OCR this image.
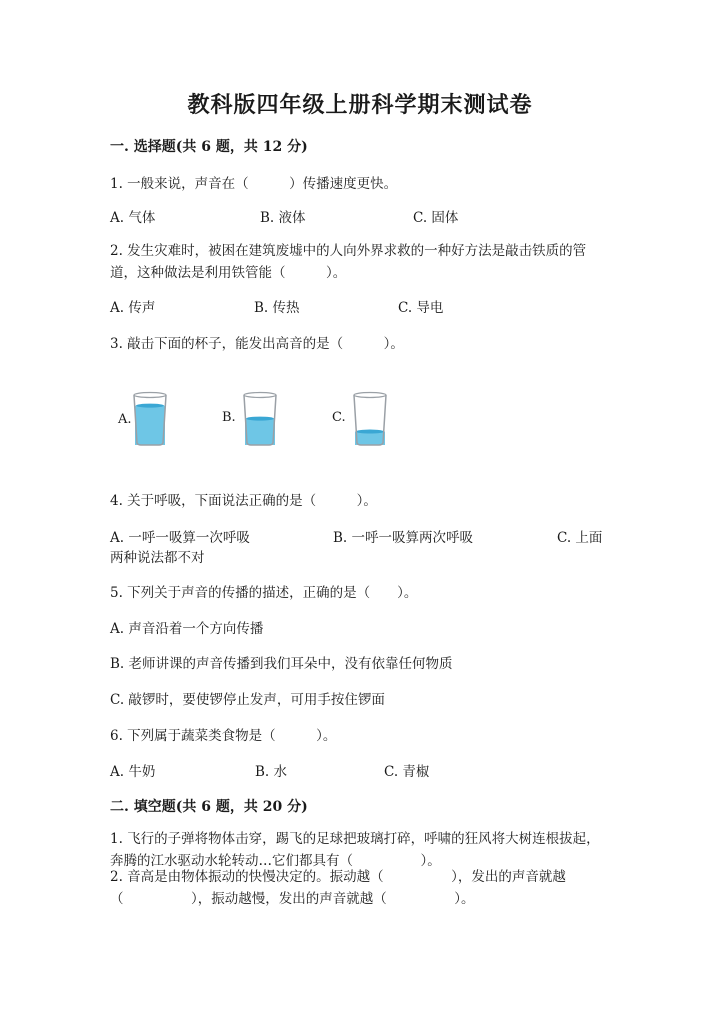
教科版四年级上册科学期末测试卷
一. 选择题(共 6 题，共 12 分)
1. 一般来说，声音在（　　　）传播速度更快。
A. 气体	B. 液体	C. 固体
2. 发生灾难时，被困在建筑废墟中的人向外界求救的一种好方法是敲击铁质的管道，这种做法是利用铁管能（　　　）。
A. 传声	B. 传热	C. 导电
3. 敲击下面的杯子，能发出高音的是（　　　）。
A.	B.	C.
4. 关于呼吸，下面说法正确的是（　　　）。
A. 一呼一吸算一次呼吸	B. 一呼一吸算两次呼吸	C. 上面
两种说法都不对
5. 下列关于声音的传播的描述，正确的是（　　）。
A. 声音沿着一个方向传播
B. 老师讲课的声音传播到我们耳朵中，没有依靠任何物质
C. 敲锣时，要使锣停止发声，可用手按住锣面
6. 下列属于蔬菜类食物是（　　　）。
A. 牛奶	B. 水	C. 青椒
二. 填空题(共 6 题，共 20 分)
1. 飞行的子弹将物体击穿，踢飞的足球把玻璃打碎，呼啸的狂风将大树连根拔起，奔腾的江水驱动水轮转动…它们都具有（　　　　　）。
2. 音高是由物体振动的快慢决定的。振动越（　　　　　），发出的声音就越（　　　　　），振动越慢，发出的声音就越（　　　　　）。
